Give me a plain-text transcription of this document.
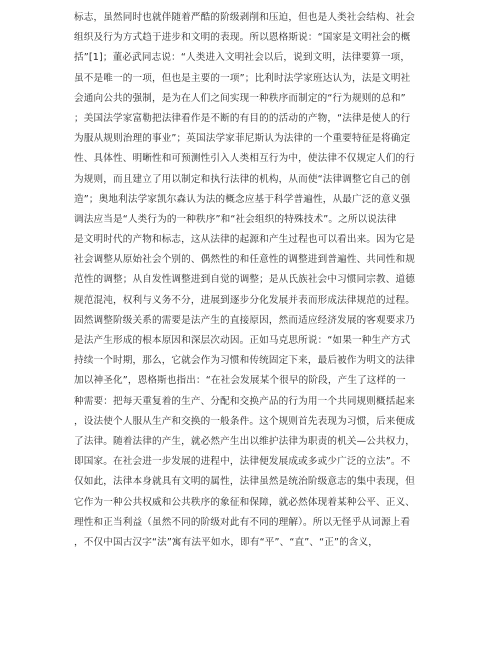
标志，虽然同时也就伴随着严酷的阶级剥削和压迫，但也是人类社会结构、社会
组织及行为方式趋于进步和文明的表现。所以恩格斯说：“国家是文明社会的概
括”[1]；董必武同志说：“人类进入文明社会以后，说到文明，法律要算一项，
虽不是唯一的一项，但也是主要的一项”；比利时法学家班达认为，法是文明社
会通向公共的强制，是为在人们之间实现一种秩序而制定的“行为规则的总和”
；美国法学家富勒把法律看作是不断的有目的的活动的产物，“法律是使人的行
为服从规则治理的事业”；英国法学家菲尼斯认为法律的一个重要特征是将确定
性、具体性、明晰性和可预测性引入人类相互行为中，使法律不仅规定人们的行
为规则，而且建立了用以制定和执行法律的机构，从而使“法律调整它自己的创
造”；奥地利法学家凯尔森认为法的概念应基于科学普遍性，从最广泛的意义强
调法应当是“人类行为的一种秩序”和“社会组织的特殊技术”。之所以说法律
是文明时代的产物和标志，这从法律的起源和产生过程也可以看出来。因为它是
社会调整从原始社会个别的、偶然性的和任意性的调整进到普遍性、共同性和规
范性的调整；从自发性调整进到自觉的调整；是从氏族社会中习惯同宗教、道德
规范混沌，权利与义务不分，进展到逐步分化发展并表而形成法律规范的过程。
固然调整阶级关系的需要是法产生的直接原因，然而适应经济发展的客观要求乃
是法产生形成的根本原因和深层次动因。正如马克思所说：“如果一种生产方式
持续一个时期，那么，它就会作为习惯和传统固定下来，最后被作为明文的法律
加以神圣化”，恩格斯也指出：“在社会发展某个很早的阶段，产生了这样的一
种需要：把每天重复着的生产、分配和交换产品的行为用一个共同规则概括起来
，设法使个人服从生产和交换的一般条件。这个规则首先表现为习惯，后来便成
了法律。随着法律的产生，就必然产生出以维护法律为职责的机关—公共权力，
即国家。在社会进一步发展的进程中，法律便发展成或多或少广泛的立法”。不
仅如此，法律本身就具有文明的属性，法律虽然是统治阶级意志的集中表现，但
它作为一种公共权威和公共秩序的象征和保障，就必然体现着某种公平、正义、
理性和正当利益（虽然不同的阶级对此有不同的理解）。所以无怪乎从词源上看
，不仅中国古汉字“法”寓有法平如水，即有“平”、“直”、“正”的含义，
